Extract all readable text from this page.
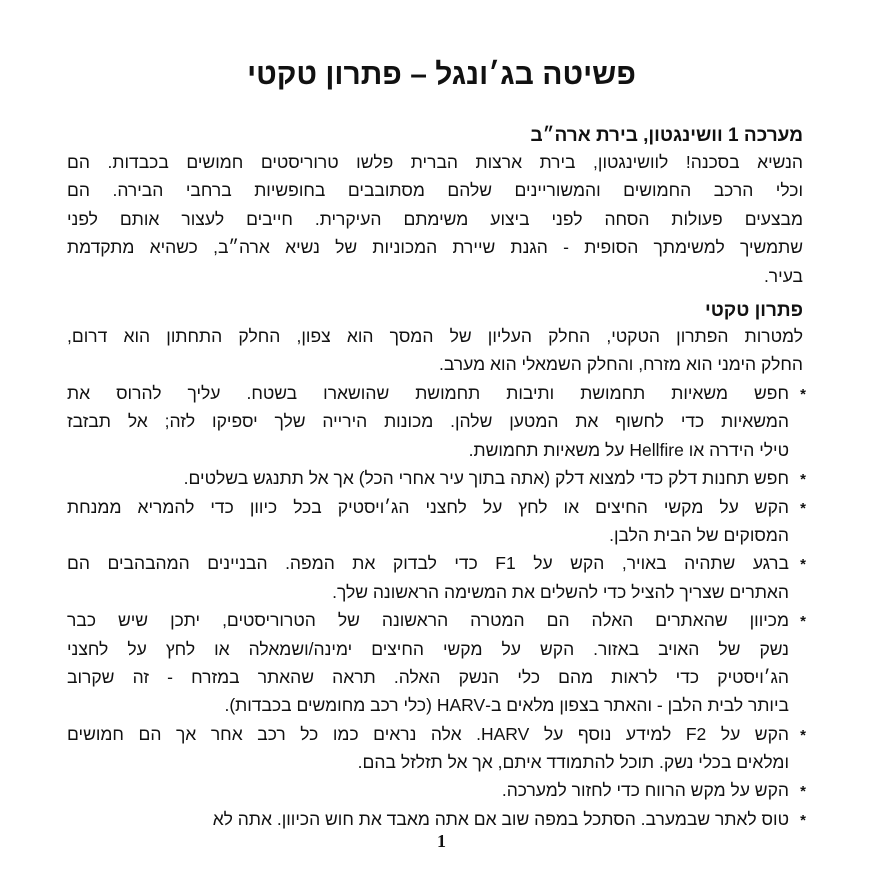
פשיטה בג׳ונגל – פתרון טקטי
מערכה 1 וושינגטון, בירת ארה״ב
הנשיא בסכנה! לוושינגטון, בירת ארצות הברית פלשו טרוריסטים חמושים בכבדות. הם
וכלי הרכב החמושים והמשוריינים שלהם מסתובבים בחופשיות ברחבי הבירה. הם
מבצעים פעולות הסחה לפני ביצוע משימתם העיקרית. חייבים לעצור אותם לפני
שתמשיך למשימתך הסופית - הגנת שיירת המכוניות של נשיא ארה״ב, כשהיא מתקדמת
בעיר.
פתרון טקטי
למטרות הפתרון הטקטי, החלק העליון של המסך הוא צפון, החלק התחתון הוא דרום,
החלק הימני הוא מזרח, והחלק השמאלי הוא מערב.
*
חפש משאיות תחמושת ותיבות תחמושת שהושארו בשטח. עליך להרוס את
המשאיות כדי לחשוף את המטען שלהן. מכונות הירייה שלך יספיקו לזה; אל תבזבז
טילי הידרה או Hellfire על משאיות תחמושת.
*
חפש תחנות דלק כדי למצוא דלק (אתה בתוך עיר אחרי הכל) אך אל תתנגש בשלטים.
*
הקש על מקשי החיצים או לחץ על לחצני הג׳ויסטיק בכל כיוון כדי להמריא ממנחת
המסוקים של הבית הלבן.
*
ברגע שתהיה באויר, הקש על F1 כדי לבדוק את המפה. הבניינים המהבהבים הם
האתרים שצריך להציל כדי להשלים את המשימה הראשונה שלך.
*
מכיוון שהאתרים האלה הם המטרה הראשונה של הטרוריסטים, יתכן שיש כבר
נשק של האויב באזור. הקש על מקשי החיצים ימינה/ושמאלה או לחץ על לחצני
הג׳ויסטיק כדי לראות מהם כלי הנשק האלה. תראה שהאתר במזרח - זה שקרוב
ביותר לבית הלבן - והאתר בצפון מלאים ב-HARV (כלי רכב מחומשים בכבדות).
*
הקש על F2 למידע נוסף על HARV. אלה נראים כמו כל רכב אחר אך הם חמושים
ומלאים בכלי נשק. תוכל להתמודד איתם, אך אל תזלזל בהם.
*
הקש על מקש הרווח כדי לחזור למערכה.
*
טוס לאתר שבמערב. הסתכל במפה שוב אם אתה מאבד את חוש הכיוון. אתה לא
1
